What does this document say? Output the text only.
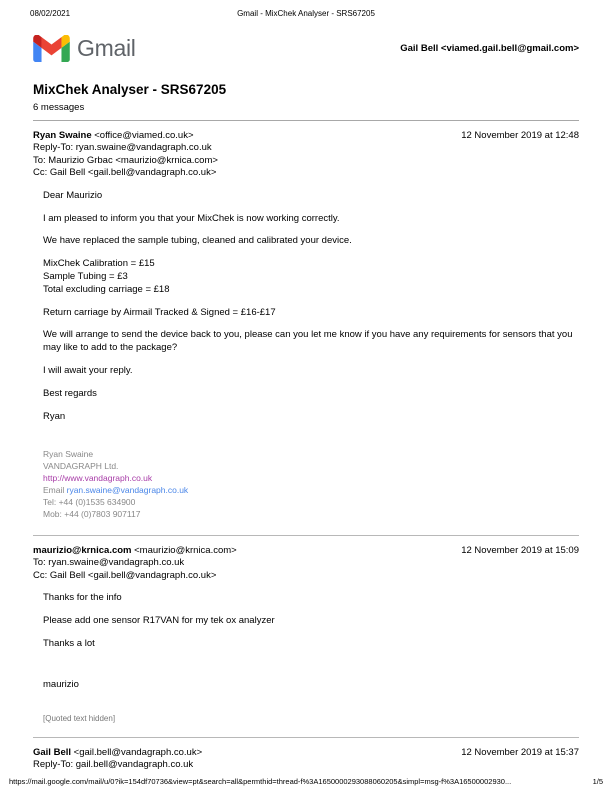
08/02/2021	Gmail - MixChek Analyser - SRS67205
Gmail	Gail Bell <viamed.gail.bell@gmail.com>
MixChek Analyser - SRS67205
6 messages
Ryan Swaine <office@viamed.co.uk>
Reply-To: ryan.swaine@vandagraph.co.uk
To: Maurizio Grbac <maurizio@krnica.com>
Cc: Gail Bell <gail.bell@vandagraph.co.uk>
12 November 2019 at 12:48

Dear Maurizio

I am pleased to inform you that your MixChek is now working correctly.

We have replaced the sample tubing, cleaned and calibrated your device.

MixChek Calibration = £15
Sample Tubing = £3
Total excluding carriage = £18

Return carriage by Airmail Tracked & Signed = £16-£17

We will arrange to send the device back to you, please can you let me know if you have any requirements for sensors that you may like to add to the package?

I will await your reply.

Best regards

Ryan

Ryan Swaine
VANDAGRAPH Ltd.
http://www.vandagraph.co.uk
Email ryan.swaine@vandagraph.co.uk
Tel: +44 (0)1535 634900
Mob: +44 (0)7803 907117
maurizio@krnica.com <maurizio@krnica.com>
To: ryan.swaine@vandagraph.co.uk
Cc: Gail Bell <gail.bell@vandagraph.co.uk>
12 November 2019 at 15:09

Thanks for the info

Please add one sensor R17VAN for my tek ox analyzer

Thanks a lot

maurizio

[Quoted text hidden]
Gail Bell <gail.bell@vandagraph.co.uk>
Reply-To: gail.bell@vandagraph.co.uk
12 November 2019 at 15:37
https://mail.google.com/mail/u/0?ik=154df70736&view=pt&search=all&permthid=thread-f%3A1650000293088060205&simpl=msg-f%3A16500002930...	1/5
